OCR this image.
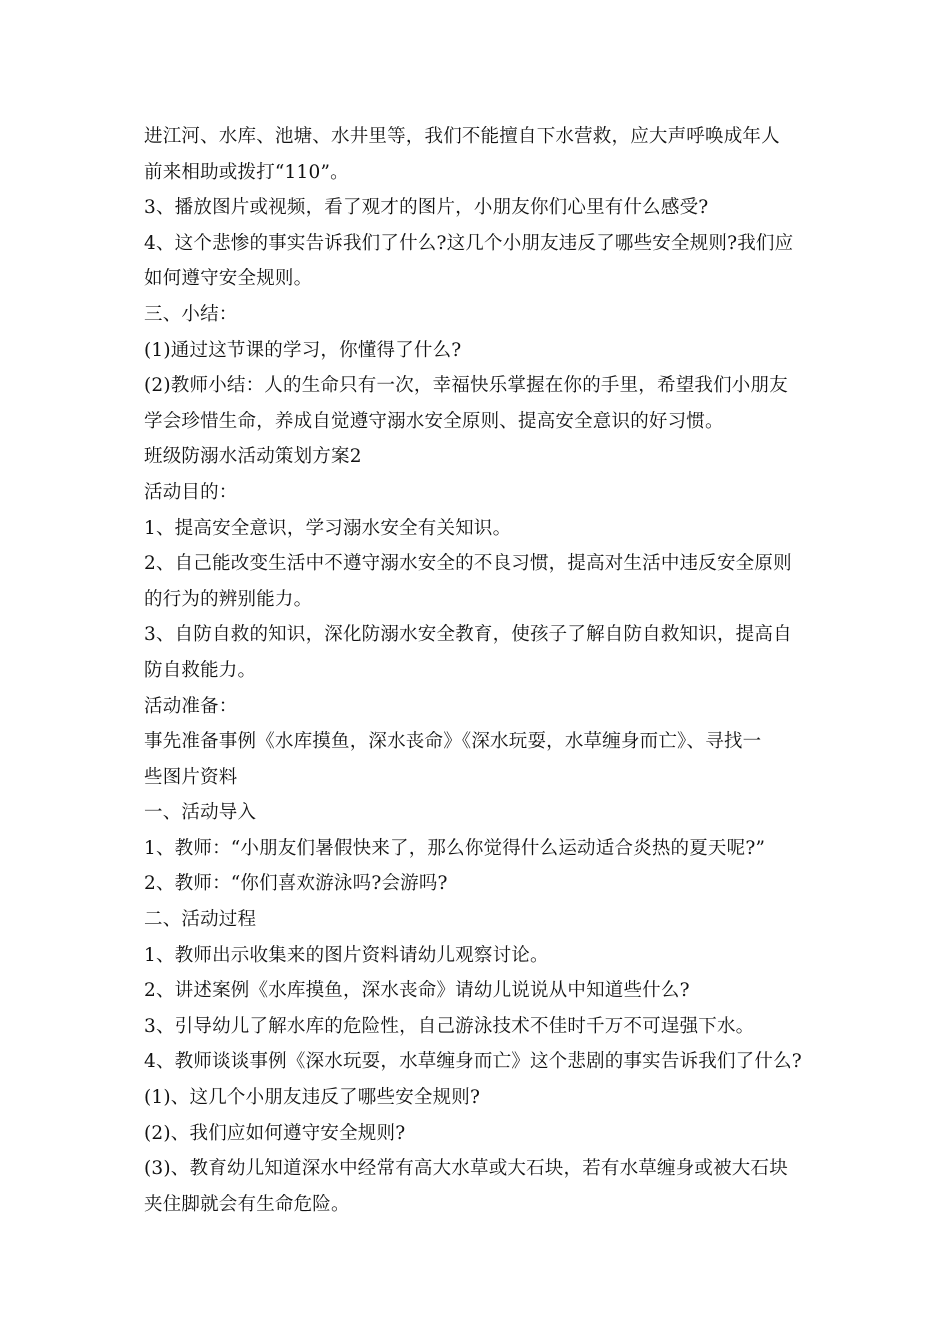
进江河、水库、池塘、水井里等，我们不能擅自下水营救，应大声呼唤成年人
前来相助或拨打“110”。
3、播放图片或视频，看了观才的图片，小朋友你们心里有什么感受?
4、这个悲惨的事实告诉我们了什么?这几个小朋友违反了哪些安全规则?我们应
如何遵守安全规则。
三、小结：
(1)通过这节课的学习，你懂得了什么?
(2)教师小结：人的生命只有一次，幸福快乐掌握在你的手里，希望我们小朋友
学会珍惜生命，养成自觉遵守溺水安全原则、提高安全意识的好习惯。
班级防溺水活动策划方案2
活动目的：
1、提高安全意识，学习溺水安全有关知识。
2、自己能改变生活中不遵守溺水安全的不良习惯，提高对生活中违反安全原则
的行为的辨别能力。
3、自防自救的知识，深化防溺水安全教育，使孩子了解自防自救知识，提高自
防自救能力。
活动准备：
事先准备事例《水库摸鱼，深水丧命》《深水玩耍，水草缠身而亡》、寻找一
些图片资料
一、活动导入
1、教师：“小朋友们暑假快来了，那么你觉得什么运动适合炎热的夏天呢?”
2、教师：“你们喜欢游泳吗?会游吗?
二、活动过程
1、教师出示收集来的图片资料请幼儿观察讨论。
2、讲述案例《水库摸鱼，深水丧命》请幼儿说说从中知道些什么?
3、引导幼儿了解水库的危险性，自己游泳技术不佳时千万不可逞强下水。
4、教师谈谈事例《深水玩耍，水草缠身而亡》这个悲剧的事实告诉我们了什么?
(1)、这几个小朋友违反了哪些安全规则?
(2)、我们应如何遵守安全规则?
(3)、教育幼儿知道深水中经常有高大水草或大石块，若有水草缠身或被大石块
夹住脚就会有生命危险。
